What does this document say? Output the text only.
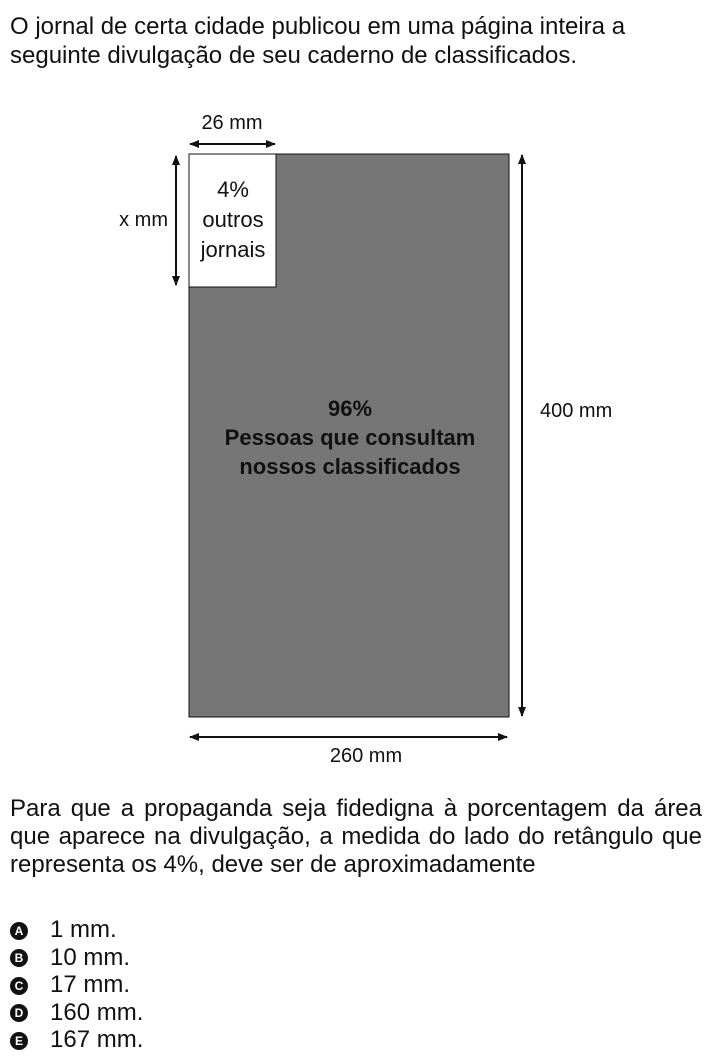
O jornal de certa cidade publicou em uma página inteira a seguinte divulgação de seu caderno de classificados.

26 mm
x mm
4%
outros
jornais
96%
Pessoas que consultam
nossos classificados
400 mm
260 mm

Para que a propaganda seja fidedigna à porcentagem da área que aparece na divulgação, a medida do lado do retângulo que representa os 4%, deve ser de aproximadamente

A 1 mm.
B 10 mm.
C 17 mm.
D 160 mm.
E 167 mm.
